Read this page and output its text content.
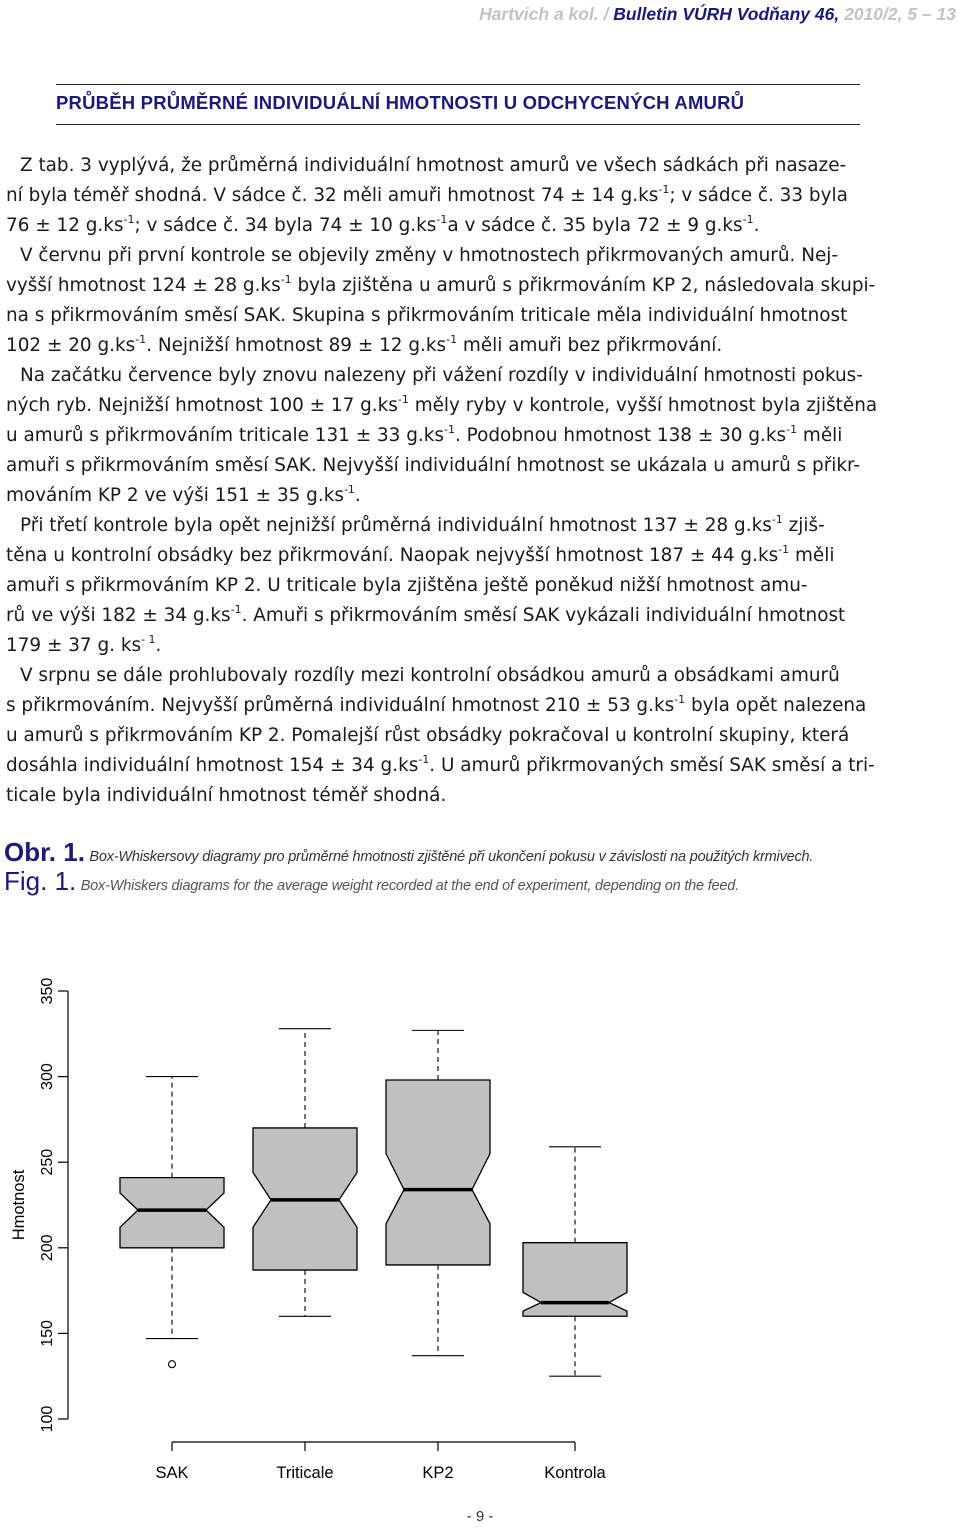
Hartvich a kol. / Bulletin VÚRH Vodňany 46, 2010/2, 5 – 13
PRŮBĚH PRŮMĚRNÉ INDIVIDUÁLNÍ HMOTNOSTI U ODCHYCENÝCH AMURŮ
Z tab. 3 vyplývá, že průměrná individuální hmotnost amurů ve všech sádkách při nasaze-
ní byla téměř shodná. V sádce č. 32 měli amuři hmotnost 74 ± 14 $g.ks^{-1}$; v sádce č. 33 byla
76 ± 12 $g.ks^{-1}$; v sádce č. 34 byla 74 ± 10 $g.ks^{-1}a$ v sádce č. 35 byla 72 ± 9 $g.ks^{-1}$.
V červnu při první kontrole se objevily změny v hmotnostech přikrmovaných amurů. Nej-
vyšší hmotnost 124 ± 28 $g.ks^{-1}$ byla zjištěna u amurů s přikrmováním KP 2, následovala skupi-
na s přikrmováním směsí SAK. Skupina s přikrmováním triticale měla individuální hmotnost
102 ± 20 $g.ks^{-1}$. Nejnižší hmotnost 89 ± 12 $g.ks^{-1}$ měli amuři bez přikrmování.
Na začátku července byly znovu nalezeny při vážení rozdíly v individuální hmotnosti pokus-
ných ryb. Nejnižší hmotnost 100 ± 17 $g.ks^{-1}$ měly ryby v kontrole, vyšší hmotnost byla zjištěna
u amurů s přikrmováním triticale 131 ± 33 $g.ks^{-1}$. Podobnou hmotnost 138 ± 30 $g.ks^{-1}$ měli
amuři s přikrmováním směsí SAK. Nejvyšší individuální hmotnost se ukázala u amurů s přikr-
mováním KP 2 ve výši 151 ± 35 $g.ks^{-1}$.
Při třetí kontrole byla opět nejnižší průměrná individuální hmotnost 137 ± 28 $g.ks^{-1}$ zjiš-
těna u kontrolní obsádky bez přikrmování. Naopak nejvyšší hmotnost 187 ± 44 $g.ks^{-1}$ měli
amuři s přikrmováním KP 2. U triticale byla zjištěna ještě poněkud nižší hmotnost amu-
rů ve výši 182 ± 34 $g.ks^{-1}$. Amuři s přikrmováním směsí SAK vykázali individuální hmotnost
179 ± 37 g. $ks^{- 1}$.
V srpnu se dále prohlubovaly rozdíly mezi kontrolní obsádkou amurů a obsádkami amurů
s přikrmováním. Nejvyšší průměrná individuální hmotnost 210 ± 53 $g.ks^{-1}$ byla opět nalezena
u amurů s přikrmováním KP 2. Pomalejší růst obsádky pokračoval u kontrolní skupiny, která
dosáhla individuální hmotnost 154 ± 34 $g.ks^{-1}$. U amurů přikrmovaných směsí SAK směsí a tri-
ticale byla individuální hmotnost téměř shodná.
Obr. 1. Box-Whiskersovy diagramy pro průměrné hmotnosti zjištěné při ukončení pokusu v závislosti na použitých krmivech.
Fig. 1. Box-Whiskers diagrams for the average weight recorded at the end of experiment, depending on the feed.
100
150
200
250
300
350
Hmotnost
SAK	Triticale	KP2	Kontrola
- 9 -
